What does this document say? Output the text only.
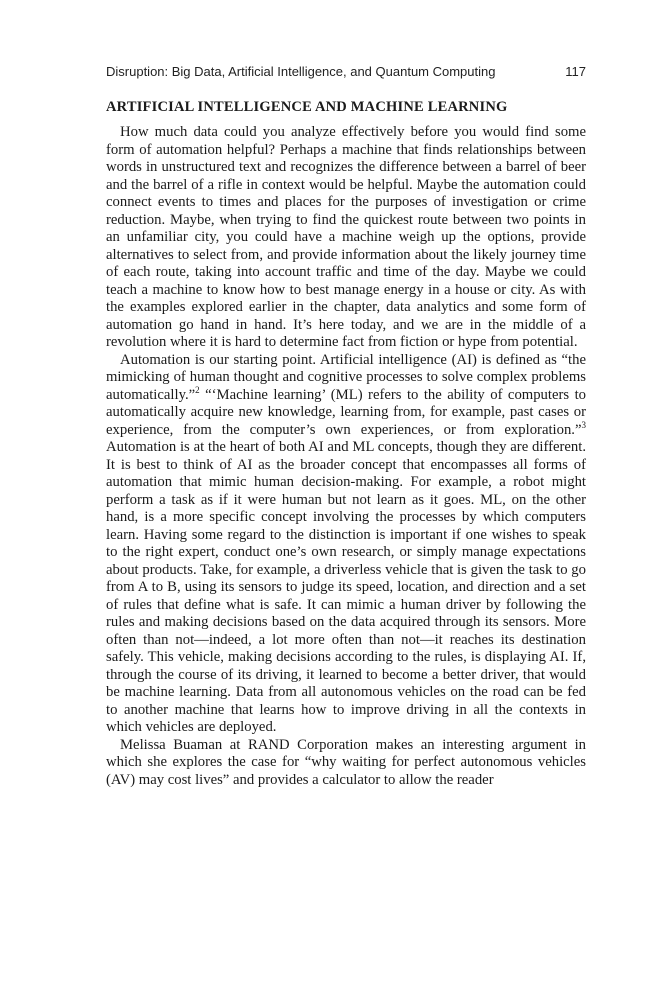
Disruption: Big Data, Artificial Intelligence, and Quantum Computing	117
ARTIFICIAL INTELLIGENCE AND MACHINE LEARNING

How much data could you analyze effectively before you would find some form of automation helpful? Perhaps a machine that finds relationships between words in unstructured text and recognizes the difference between a barrel of beer and the barrel of a rifle in context would be helpful. Maybe the automation could connect events to times and places for the purposes of investigation or crime reduction. Maybe, when trying to find the quickest route between two points in an unfamiliar city, you could have a machine weigh up the options, provide alternatives to select from, and provide information about the likely journey time of each route, taking into account traffic and time of the day. Maybe we could teach a machine to know how to best manage energy in a house or city. As with the examples explored earlier in the chapter, data analytics and some form of automation go hand in hand. It’s here today, and we are in the middle of a revolution where it is hard to determine fact from fiction or hype from potential.

Automation is our starting point. Artificial intelligence (AI) is defined as “the mimicking of human thought and cognitive processes to solve complex problems automatically.”$^2$ “‘Machine learning’ (ML) refers to the ability of computers to automatically acquire new knowledge, learning from, for example, past cases or experience, from the computer’s own experiences, or from exploration.”$^3$ Automation is at the heart of both AI and ML concepts, though they are different. It is best to think of AI as the broader concept that encompasses all forms of automation that mimic human decision-making. For example, a robot might perform a task as if it were human but not learn as it goes. ML, on the other hand, is a more specific concept involving the processes by which computers learn. Having some regard to the distinction is important if one wishes to speak to the right expert, conduct one’s own research, or simply manage expectations about products. Take, for example, a driverless vehicle that is given the task to go from A to B, using its sensors to judge its speed, location, and direction and a set of rules that define what is safe. It can mimic a human driver by following the rules and making decisions based on the data acquired through its sensors. More often than not—indeed, a lot more often than not—it reaches its destination safely. This vehicle, making decisions according to the rules, is displaying AI. If, through the course of its driving, it learned to become a better driver, that would be machine learning. Data from all autonomous vehicles on the road can be fed to another machine that learns how to improve driving in all the contexts in which vehicles are deployed.

Melissa Buaman at RAND Corporation makes an interesting argument in which she explores the case for “why waiting for perfect autonomous vehicles (AV) may cost lives” and provides a calculator to allow the reader
